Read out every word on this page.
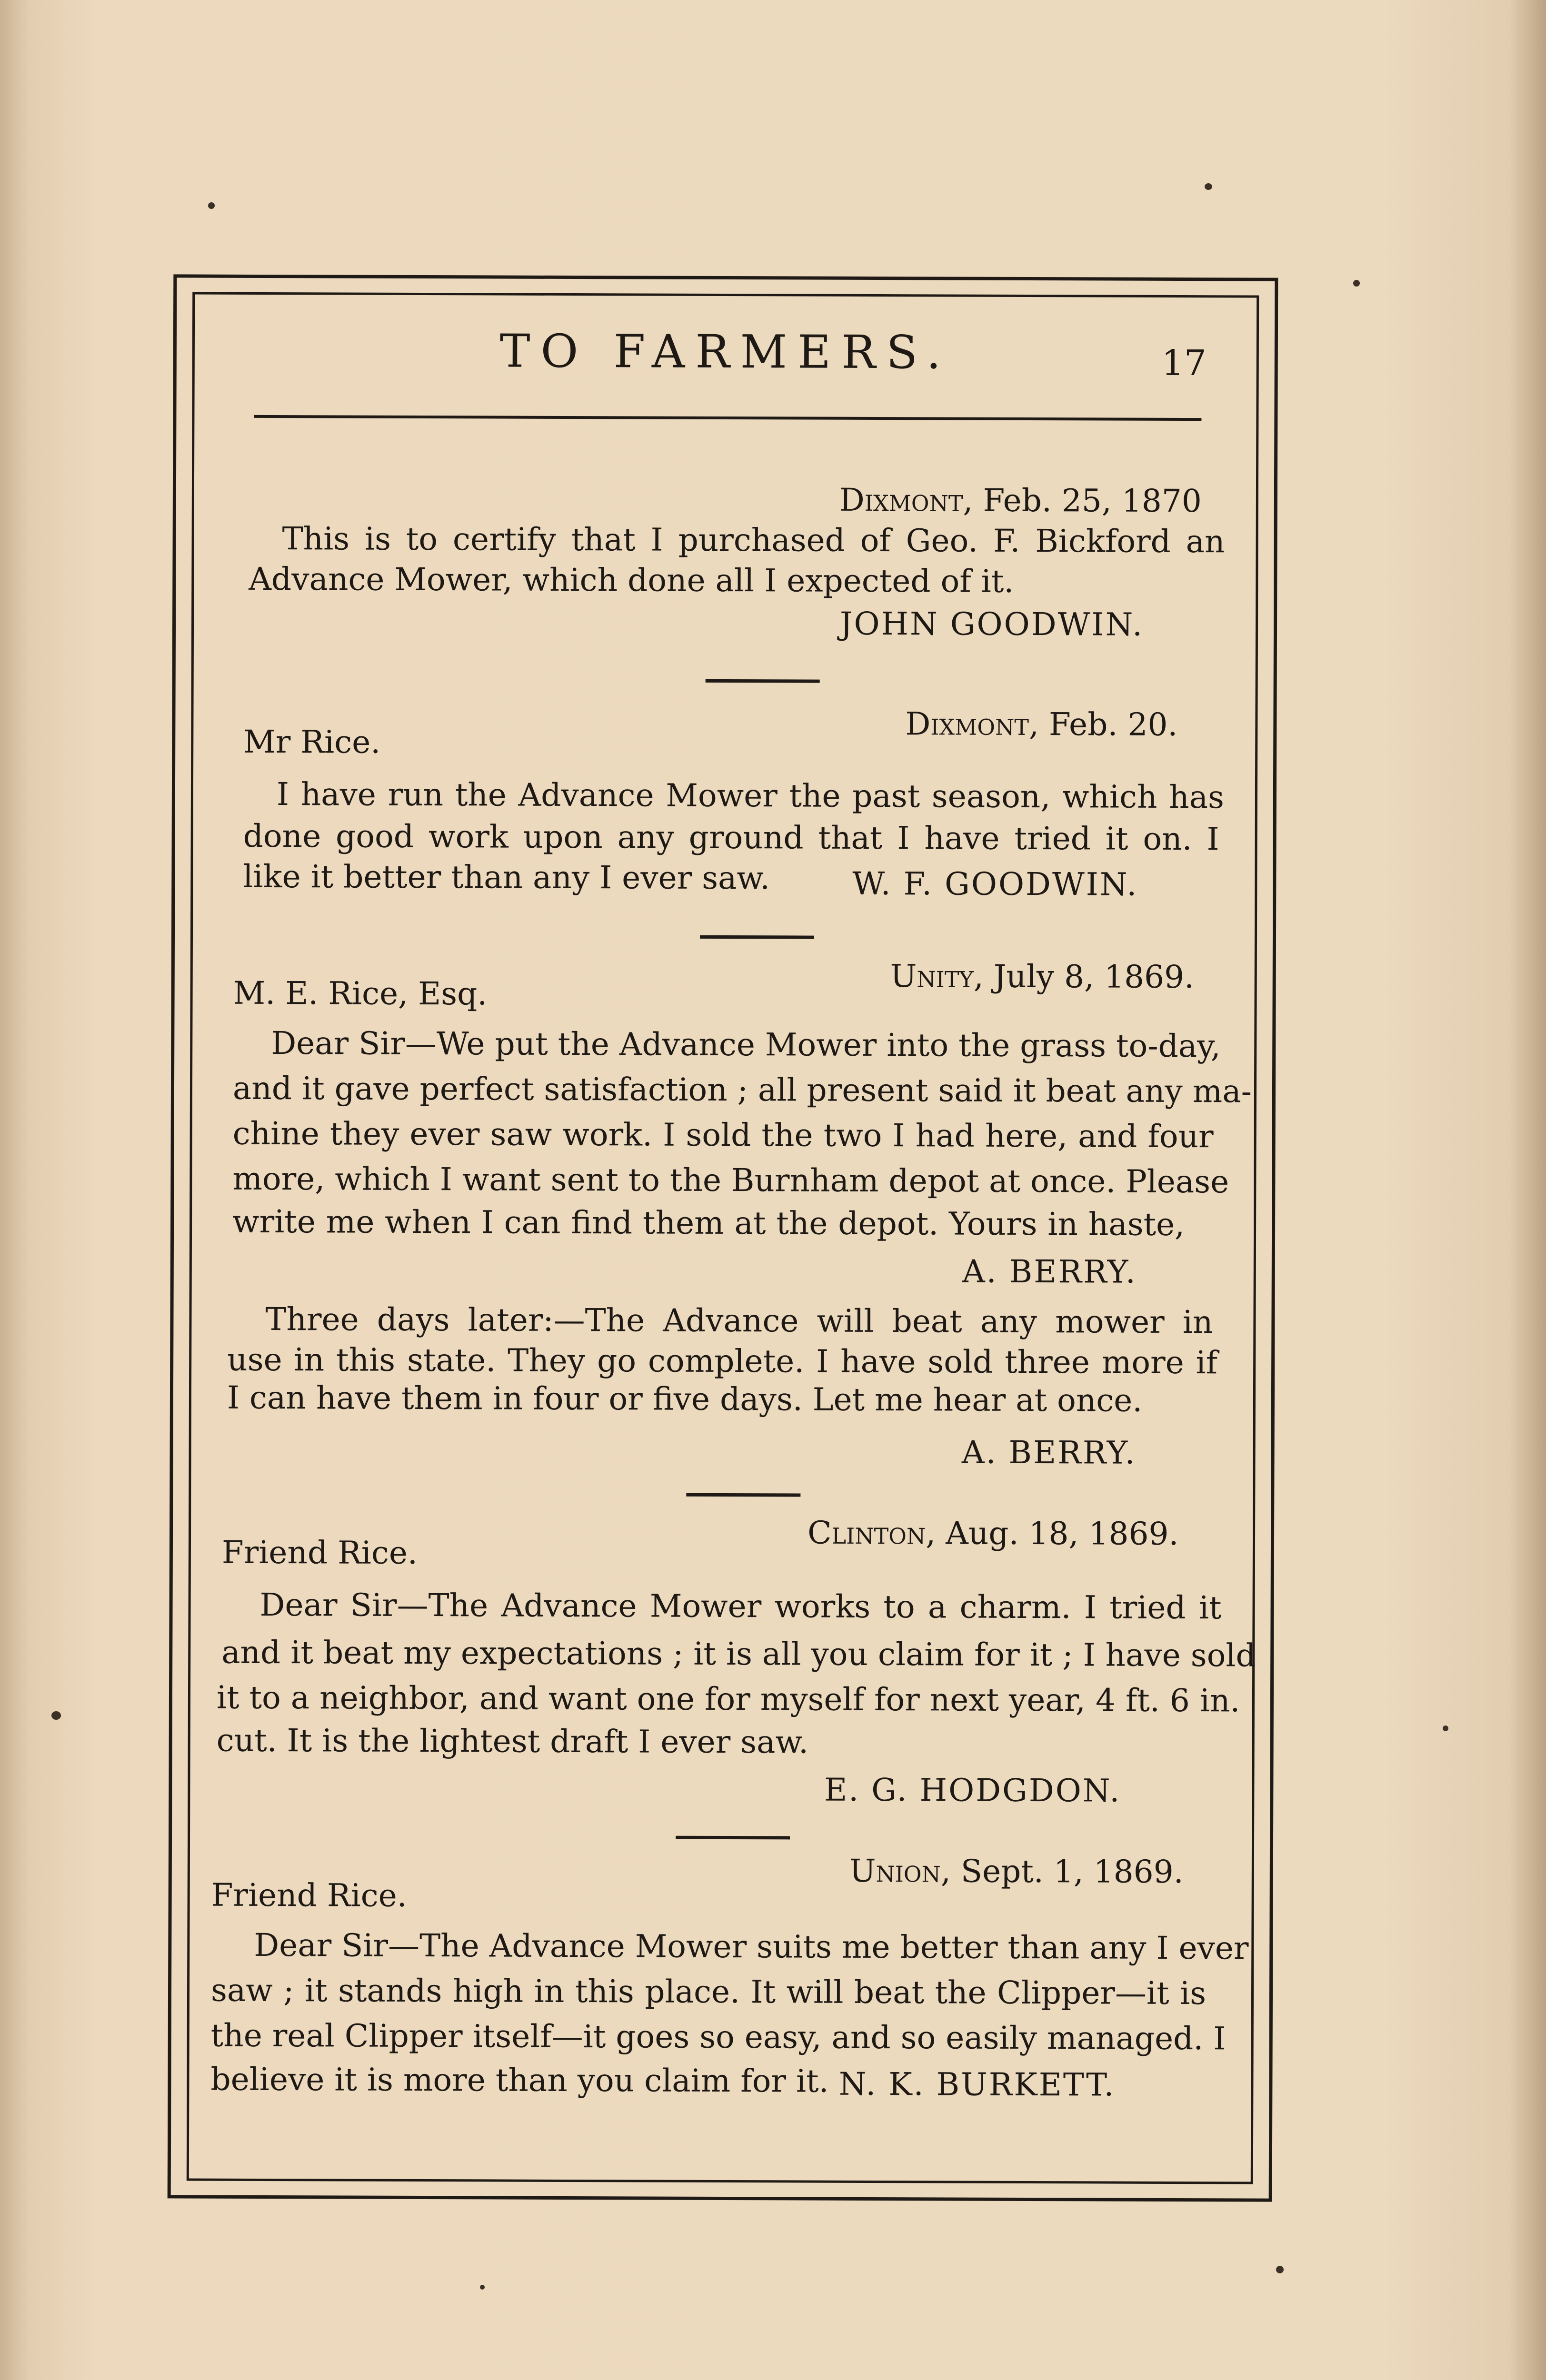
TO FARMERS.	17
Dixmont, Feb. 25, 1870
This is to certify that I purchased of Geo. F. Bickford an
Advance Mower, which done all I expected of it.
JOHN GOODWIN.
Dixmont, Feb. 20.
Mr Rice.
I have run the Advance Mower the past season, which has
done good work upon any ground that I have tried it on. I
like it better than any I ever saw.	W. F. GOODWIN.
Unity, July 8, 1869.
M. E. Rice, Esq.
Dear Sir—We put the Advance Mower into the grass to-day,
and it gave perfect satisfaction ; all present said it beat any ma-
chine they ever saw work. I sold the two I had here, and four
more, which I want sent to the Burnham depot at once. Please
write me when I can find them at the depot. Yours in haste,
A. BERRY.
Three days later:—The Advance will beat any mower in
use in this state. They go complete. I have sold three more if
I can have them in four or five days. Let me hear at once.
A. BERRY.
Clinton, Aug. 18, 1869.
Friend Rice.
Dear Sir—The Advance Mower works to a charm. I tried it
and it beat my expectations ; it is all you claim for it ; I have sold
it to a neighbor, and want one for myself for next year, 4 ft. 6 in.
cut. It is the lightest draft I ever saw.
E. G. HODGDON.
Union, Sept. 1, 1869.
Friend Rice.
Dear Sir—The Advance Mower suits me better than any I ever
saw ; it stands high in this place. It will beat the Clipper—it is
the real Clipper itself—it goes so easy, and so easily managed. I
believe it is more than you claim for it. N. K. BURKETT.
